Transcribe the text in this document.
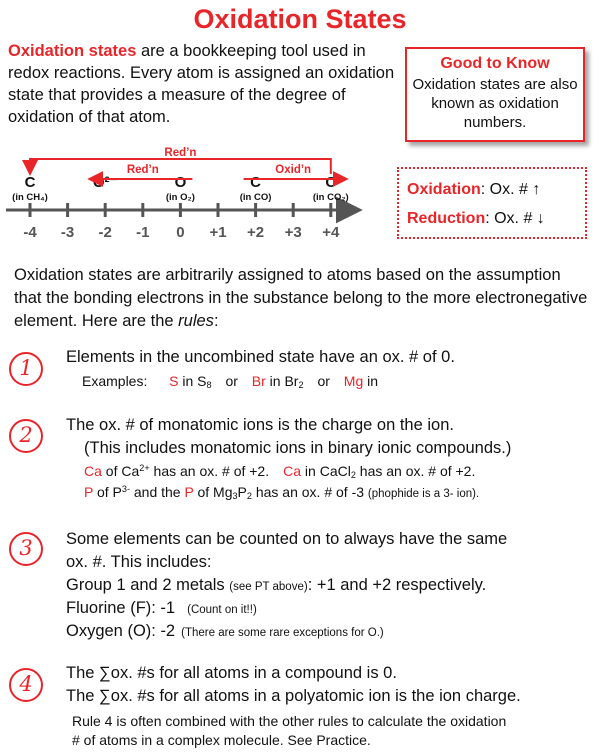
Oxidation States
Oxidation states are a bookkeeping tool used in redox reactions. Every atom is assigned an oxidation state that provides a measure of the degree of oxidation of that atom.
Good to Know
Oxidation states are also known as oxidation numbers.
-4 -3 -2 -1 0 +1 +2 +3 +4
C
(in CH₄)
O²⁻	O
(in O₂)
C
(in CO)
C
(in CO₂)
Red’n
Red’n	Oxid’n
Oxidation: Ox. # ↑
Reduction: Ox. # ↓
Oxidation states are arbitrarily assigned to atoms based on the assumption that the bonding electrons in the substance belong to the more electronegative element. Here are the rules:
1	Elements in the uncombined state have an ox. # of 0.
Examples: S in $S_8$ or Br in $Br_2$ or Mg in
2	The ox. # of monatomic ions is the charge on the ion.
(This includes monatomic ions in binary ionic compounds.)
Ca of $Ca^{2+}$ has an ox. # of +2. Ca in CaCl$_2$ has an ox. # of +2.
P of $P^{3-}$ and the P of $Mg_3P_2$ has an ox. # of -3 (phophide is a 3- ion).
3	Some elements can be counted on to always have the same
ox. #. This includes:
Group 1 and 2 metals (see PT above): +1 and +2 respectively.
Fluorine (F): -1 (Count on it!!)
Oxygen (O): -2 (There are some rare exceptions for O.)
4	The ∑ox. #s for all atoms in a compound is 0.
The ∑ox. #s for all atoms in a polyatomic ion is the ion charge.
Rule 4 is often combined with the other rules to calculate the oxidation # of atoms in a complex molecule. See Practice.
